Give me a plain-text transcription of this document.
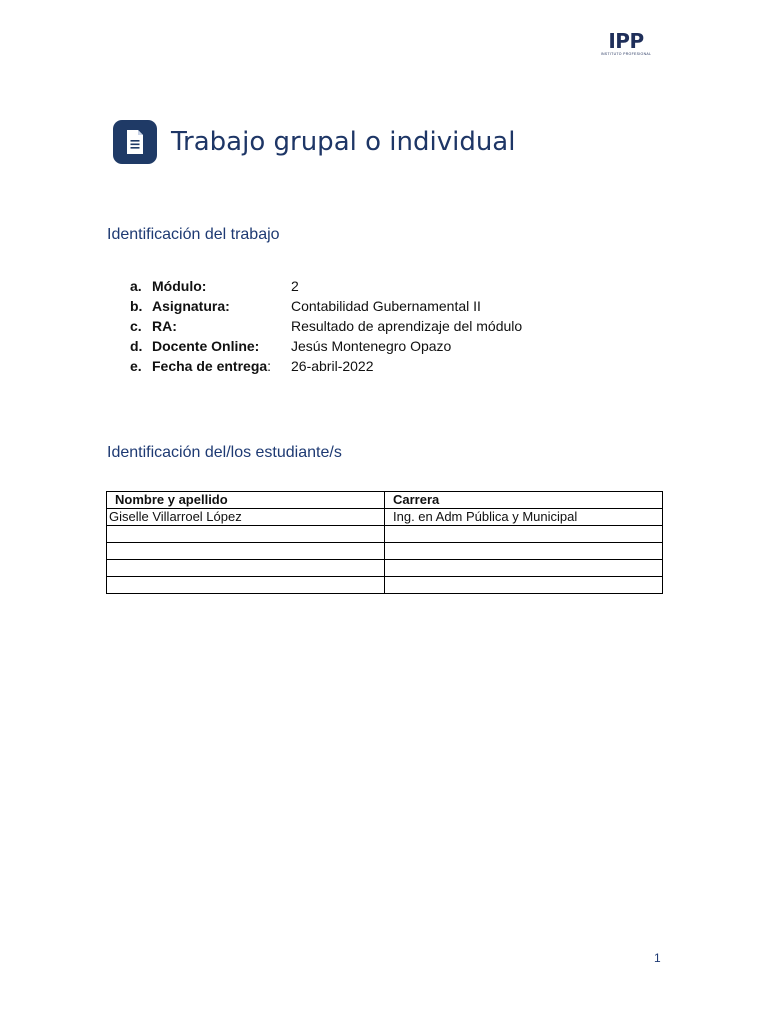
IPP
INSTITUTO PROFESIONAL
Trabajo grupal o individual
Identificación del trabajo
a. Módulo:	2
b. Asignatura:	Contabilidad Gubernamental II
c. RA:	Resultado de aprendizaje del módulo
d. Docente Online: Jesús Montenegro Opazo
e. Fecha de entrega: 26-abril-2022
Identificación del/los estudiante/s
Nombre y apellido	Carrera
Giselle Villarroel López	Ing. en Adm Pública y Municipal

1
